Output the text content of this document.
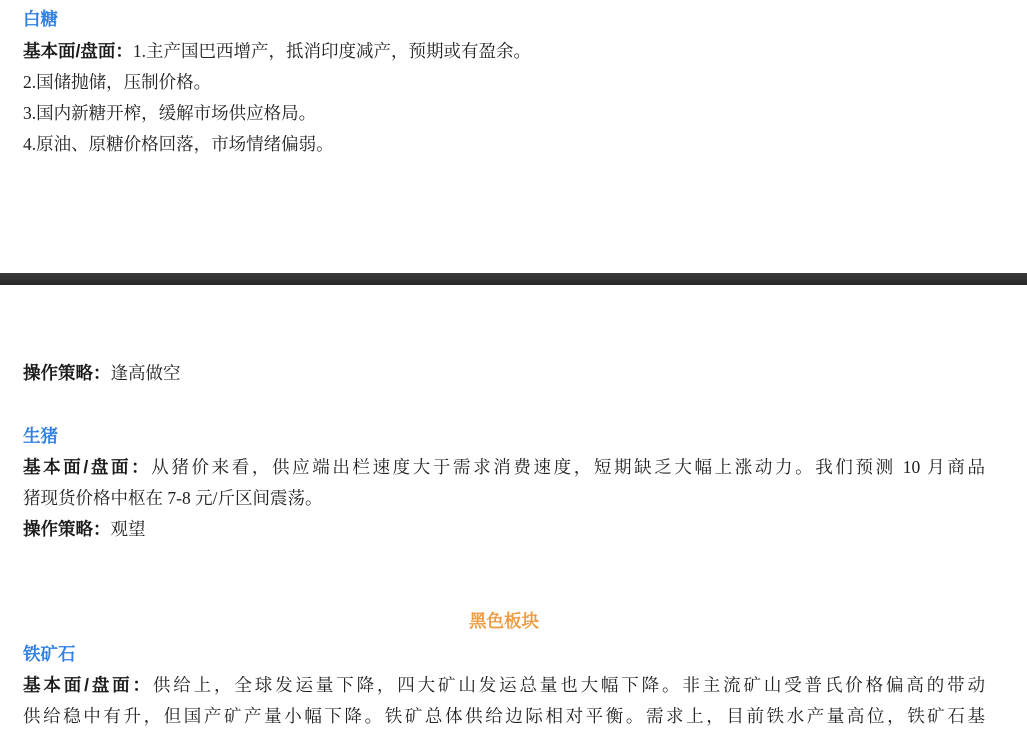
白糖
基本面/盘面：1.主产国巴西增产，抵消印度减产，预期或有盈余。
2.国储抛储，压制价格。
3.国内新糖开榨，缓解市场供应格局。
4.原油、原糖价格回落，市场情绪偏弱。
操作策略：逢高做空
生猪
基本面/盘面：从猪价来看，供应端出栏速度大于需求消费速度，短期缺乏大幅上涨动力。我们预测 10 月商品
猪现货价格中枢在 7-8 元/斤区间震荡。
操作策略：观望
黑色板块
铁矿石
基本面/盘面：供给上，全球发运量下降，四大矿山发运总量也大幅下降。非主流矿山受普氏价格偏高的带动
供给稳中有升，但国产矿产量小幅下降。铁矿总体供给边际相对平衡。需求上，目前铁水产量高位，铁矿石基
